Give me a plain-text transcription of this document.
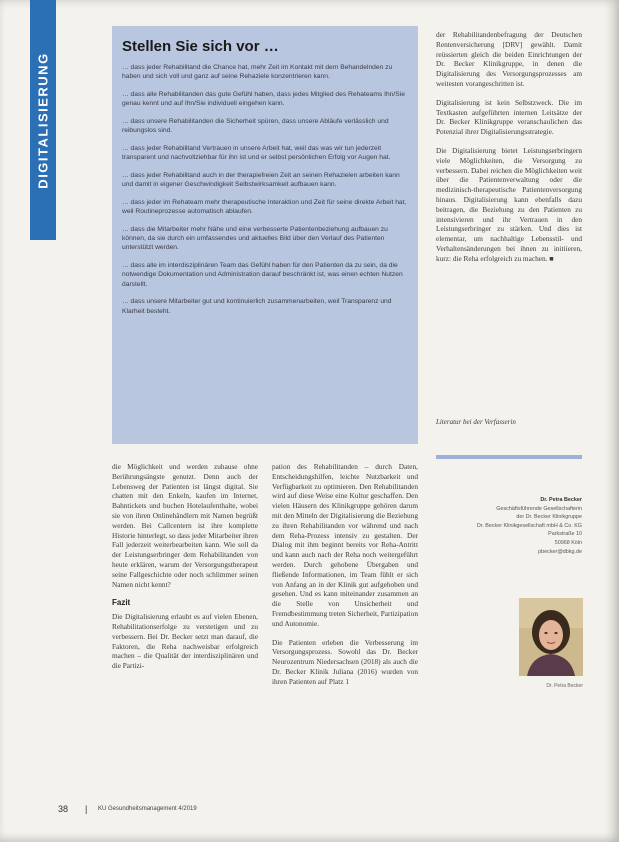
DIGITALISIERUNG
Stellen Sie sich vor …

… dass jeder Rehabilitand die Chance hat, mehr Zeit im Kontakt mit dem Behandelnden zu haben und sich voll und ganz auf seine Rehaziele konzentrieren kann.

… dass alle Rehabilitanden das gute Gefühl haben, dass jedes Mitglied des Rehateams Ihn/Sie genau kennt und auf Ihn/Sie individuell eingehen kann.

… dass unsere Rehabilitanden die Sicherheit spüren, dass unsere Abläufe verlässlich und reibungslos sind.

… dass jeder Rehabilitand Vertrauen in unsere Arbeit hat, weil das was wir tun jederzeit transparent und nachvollziehbar für ihn ist und er selbst persönlichen Erfolg vor Augen hat.

… dass jeder Rehabilitand auch in der therapiefreien Zeit an seinen Rehazielen arbeiten kann und damit in eigener Geschwindigkeit Selbstwirksamkeit aufbauen kann.

… dass jeder im Rehateam mehr therapeutische Interaktion und Zeit für seine direkte Arbeit hat, weil Routineprozesse automatisch ablaufen.

… dass die Mitarbeiter mehr Nähe und eine verbesserte Patientenbeziehung aufbauen zu können, da sie durch ein umfassendes und aktuelles Bild über den Verlauf des Patienten unterstützt werden.

… dass alle im interdisziplinären Team das Gefühl haben für den Patienten da zu sein, da die notwendige Dokumentation und Administration darauf beschränkt ist, was einen echten Nutzen darstellt.

… dass unsere Mitarbeiter gut und kontinuierlich zusammenarbeiten, weil Transparenz und Klarheit besteht.

der Rehabilitandenbefragung der Deutschen Rentenversicherung [DRV] gewählt. Damit reüssierten gleich die beiden Einrichtungen der Dr. Becker Klinikgruppe, in denen die Digitalisierung des Versorgungsprozesses am weitesten vorangeschritten ist.

Digitalisierung ist kein Selbstzweck. Die im Textkasten aufgeführten internen Leitsätze der Dr. Becker Klinikgruppe veranschaulichen das Potenzial ihrer Digitalisierungsstrategie.

Die Digitalisierung bietet Leistungserbringern viele Möglichkeiten, die Versorgung zu verbessern. Dabei reichen die Möglichkeiten weit über die Patientenverwaltung oder die medizinisch-therapeutische Patientenversorgung hinaus. Digitalisierung kann ebenfalls dazu beitragen, die Beziehung zu den Patienten zu intensivieren und ihr Vertrauen in den Leistungserbringer zu stärken. Und dies ist elementar, um nachhaltige Lebensstil- und Verhaltensänderungen bei ihnen zu initiieren, kurz: die Reha erfolgreich zu machen. ■

Literatur bei der Verfasserin

die Möglichkeit und werden zuhause ohne Berührungsängste genutzt. Denn auch der Lebensweg der Patienten ist längst digital. Sie chatten mit den Enkeln, kaufen im Internet, Bahntickets und buchen Hotelaufenthalte, wobei sie von ihren Onlinehändlern mit Namen begrüßt werden. Bei Callcentern ist ihre komplette Historie hinterlegt, so dass jeder Mitarbeiter ihren Fall jederzeit weiterbearbeiten kann. Wie soll da der Leistungserbringer dem Rehabilitanden von heute erklären, warum der Versorgungstherapeut seine Fallgeschichte oder noch schlimmer seinen Namen nicht kennt?

Fazit

Die Digitalisierung erlaubt es auf vielen Ebenen, Rehabilitationserfolge zu verstetigen und zu verbessern. Bei Dr. Becker setzt man darauf, die Faktoren, die Reha nachweisbar erfolgreich machen – die Qualität der interdisziplinären und die Partizi-

pation des Rehabilitanden – durch Daten, Entscheidungshilfen, leichte Nutzbarkeit und Verfügbarkeit zu optimieren. Den Rehabilitanden wird auf diese Weise eine Kultur geschaffen. Den vielen Häusern des Klinikgruppe gehören darum mit den Mitteln der Digitalisierung die Beziehung zu ihren Rehabilitanden vor während und nach dem Reha-Prozess intensiv zu gestalten. Der Dialog mit ihm beginnt bereits vor Reha-Antritt und kann auch nach der Reha noch weitergeführt werden. Durch gehobene Übergaben und fließende Informationen, im Team fühlt er sich von Anfang an in der Klinik gut aufgehoben und gesehen. Und es kann miteinander zusammen an die Stelle von Unsicherheit und Fremdbestimmung treten Sicherheit, Partizipation und Autonomie.

Die Patienten erleben die Verbesserung im Versorgungsprozess. Sowohl das Dr. Becker Neurozentrum Niedersachsen (2018) als auch die Dr. Becker Klinik Juliana (2016) wurden von ihren Patienten auf Platz 1

Dr. Petra Becker
Geschäftsführende Gesellschafterin
der Dr. Becker Klinikgruppe
Dr. Becker Klinikgesellschaft mbH & Co. KG
Parkstraße 10
50968 Köln
pbecker@dbkg.de
Dr. Petra Becker
38 | KU Gesundheitsmanagement 4/2019
